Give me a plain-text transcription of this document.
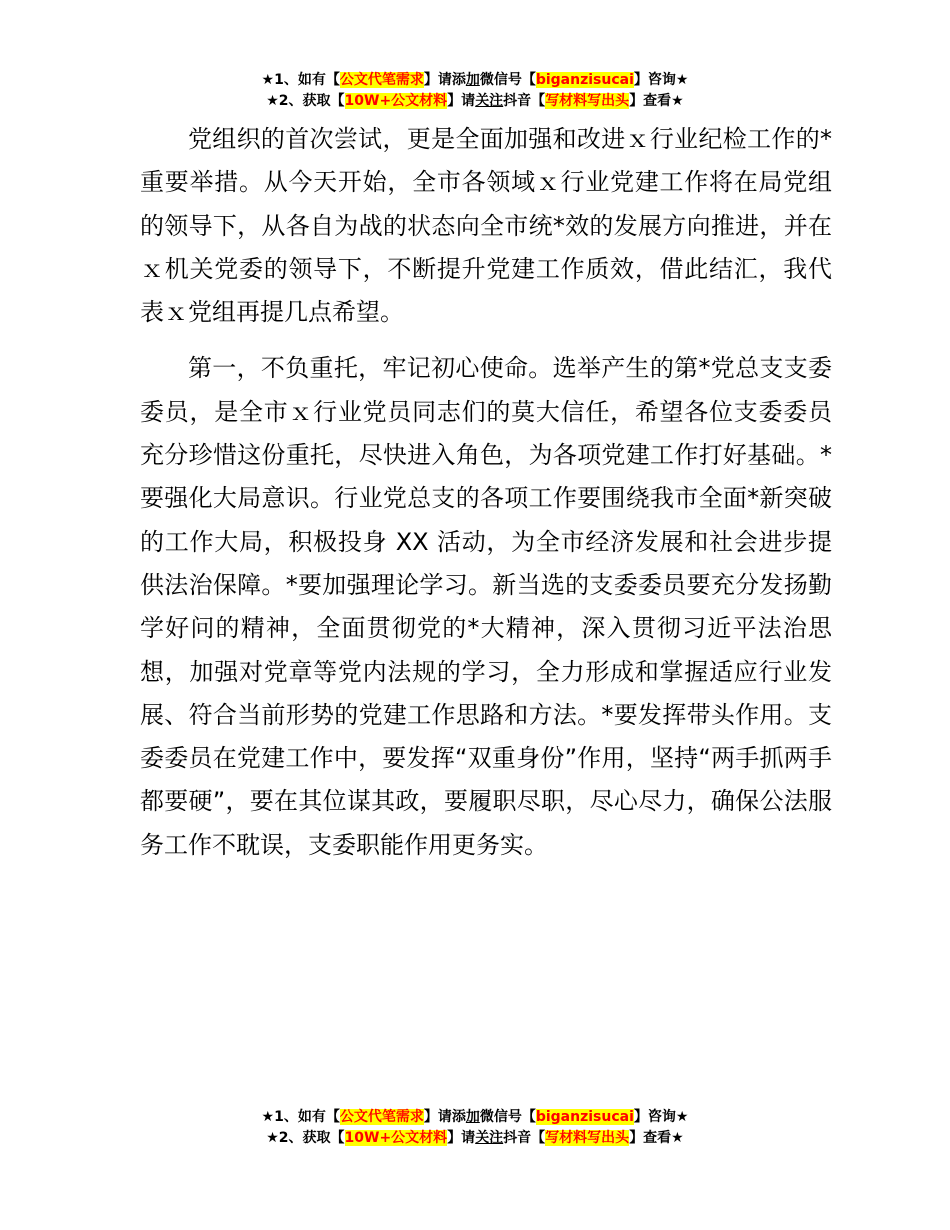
★1、如有【公文代笔需求】请添加微信号【biganzisucai】咨询★
★2、获取【10W+公文材料】请关注抖音【写材料写出头】查看★

党组织的首次尝试，更是全面加强和改进ｘ行业纪检工作的*重要举措。从今天开始，全市各领域ｘ行业党建工作将在局党组的领导下，从各自为战的状态向全市统*效的发展方向推进，并在ｘ机关党委的领导下，不断提升党建工作质效，借此结汇，我代表ｘ党组再提几点希望。

第一，不负重托，牢记初心使命。选举产生的第*党总支支委委员，是全市ｘ行业党员同志们的莫大信任，希望各位支委委员充分珍惜这份重托，尽快进入角色，为各项党建工作打好基础。*要强化大局意识。行业党总支的各项工作要围绕我市全面*新突破的工作大局，积极投身 XX 活动，为全市经济发展和社会进步提供法治保障。*要加强理论学习。新当选的支委委员要充分发扬勤学好问的精神，全面贯彻党的*大精神，深入贯彻习近平法治思想，加强对党章等党内法规的学习，全力形成和掌握适应行业发展、符合当前形势的党建工作思路和方法。*要发挥带头作用。支委委员在党建工作中，要发挥“双重身份”作用，坚持“两手抓两手都要硬”，要在其位谋其政，要履职尽职，尽心尽力，确保公法服务工作不耽误，支委职能作用更务实。

★1、如有【公文代笔需求】请添加微信号【biganzisucai】咨询★
★2、获取【10W+公文材料】请关注抖音【写材料写出头】查看★
